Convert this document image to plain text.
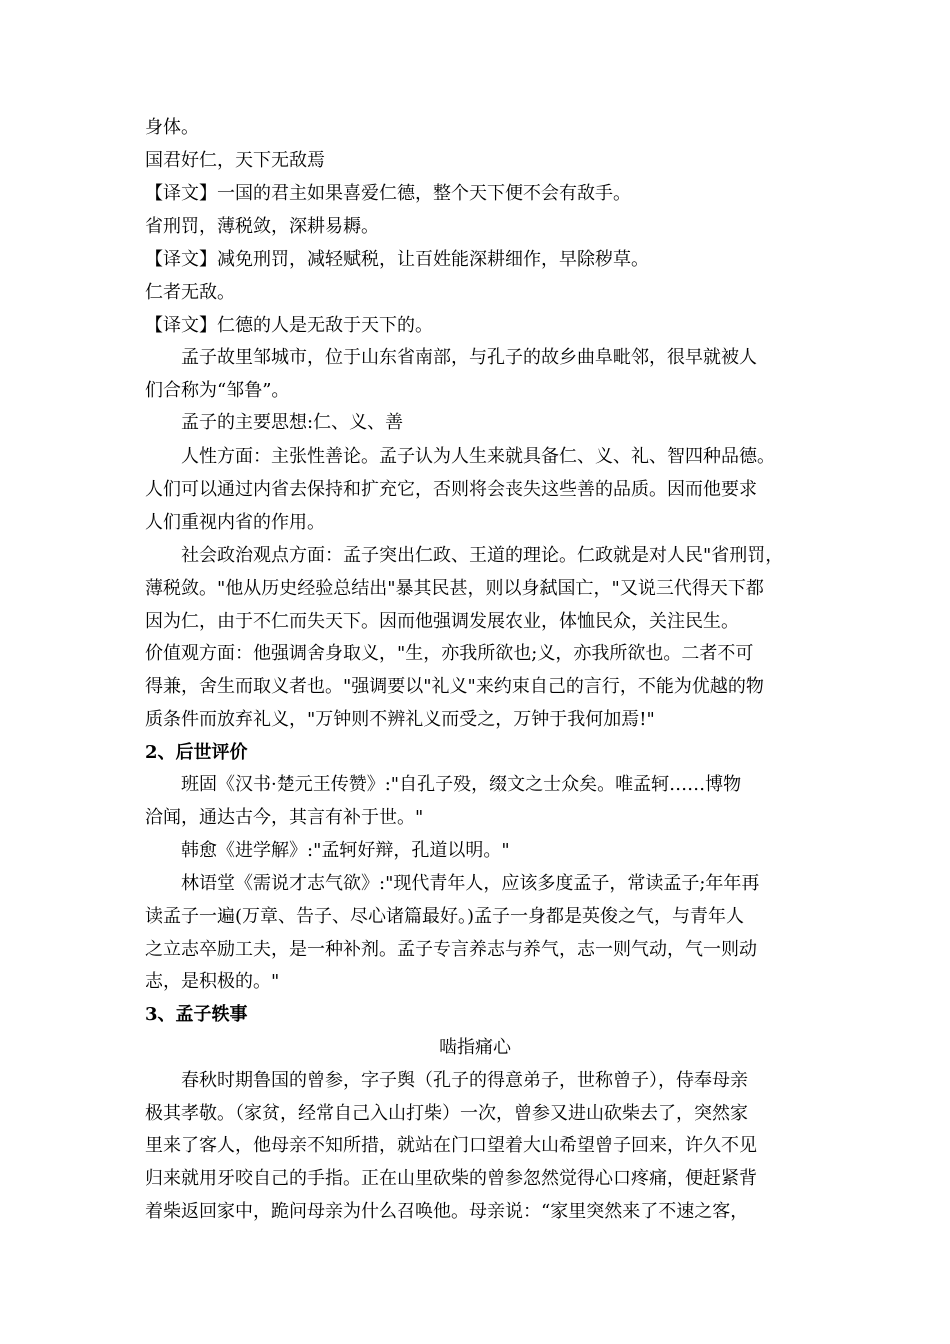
身体。

国君好仁，天下无敌焉

【译文】一国的君主如果喜爱仁德，整个天下便不会有敌手。

省刑罚，薄税敛，深耕易耨。

【译文】减免刑罚，减轻赋税，让百姓能深耕细作，早除秽草。

仁者无敌。

【译文】仁德的人是无敌于天下的。

孟子故里邹城市，位于山东省南部，与孔子的故乡曲阜毗邻，很早就被人

们合称为“邹鲁”。

孟子的主要思想:仁、义、善

人性方面：主张性善论。孟子认为人生来就具备仁、义、礼、智四种品德。

人们可以通过内省去保持和扩充它，否则将会丧失这些善的品质。因而他要求

人们重视内省的作用。

社会政治观点方面：孟子突出仁政、王道的理论。仁政就是对人民"省刑罚，

薄税敛。"他从历史经验总结出"暴其民甚，则以身弑国亡，"又说三代得天下都

因为仁，由于不仁而失天下。因而他强调发展农业，体恤民众，关注民生。

价值观方面：他强调舍身取义，"生，亦我所欲也;义，亦我所欲也。二者不可

得兼，舍生而取义者也。"强调要以"礼义"来约束自己的言行，不能为优越的物

质条件而放弃礼义，"万钟则不辨礼义而受之，万钟于我何加焉!"

2、后世评价

班固《汉书·楚元王传赞》:"自孔子殁，缀文之士众矣。唯孟轲……博物

洽闻，通达古今，其言有补于世。"

韩愈《进学解》:"孟轲好辩，孔道以明。"

林语堂《需说才志气欲》:"现代青年人，应该多度孟子，常读孟子;年年再

读孟子一遍(万章、告子、尽心诸篇最好。)孟子一身都是英俊之气，与青年人

之立志卒励工夫，是一种补剂。孟子专言养志与养气，志一则气动，气一则动

志，是积极的。"

3、孟子轶事

啮指痛心

春秋时期鲁国的曾参，字子舆（孔子的得意弟子，世称曾子），侍奉母亲

极其孝敬。（家贫，经常自己入山打柴）一次，曾参又进山砍柴去了，突然家

里来了客人，他母亲不知所措，就站在门口望着大山希望曾子回来，许久不见

归来就用牙咬自己的手指。正在山里砍柴的曾参忽然觉得心口疼痛，便赶紧背

着柴返回家中，跪问母亲为什么召唤他。母亲说：“家里突然来了不速之客，
